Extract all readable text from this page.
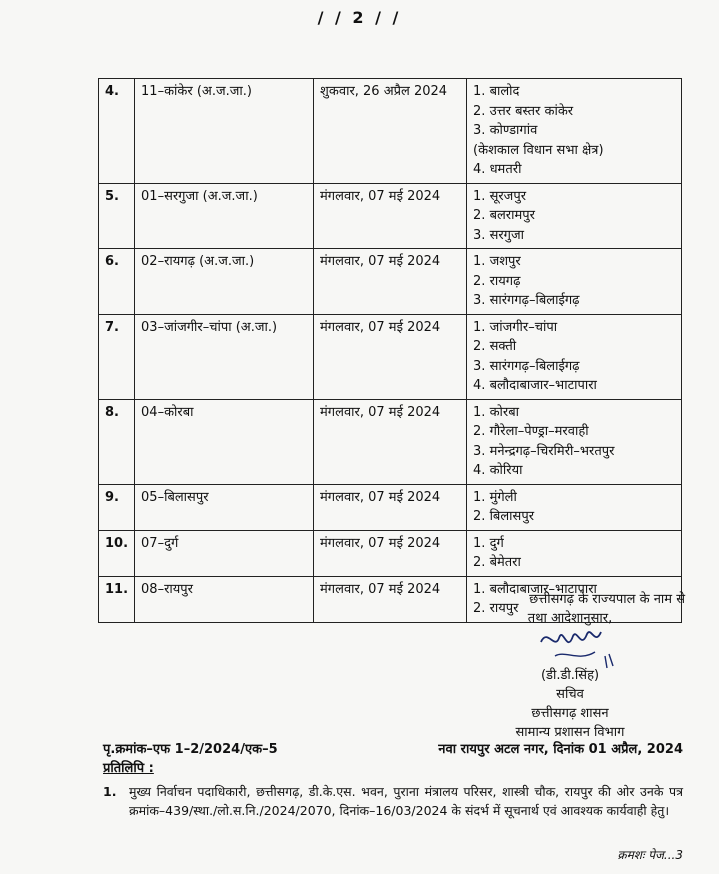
/ / 2 / /
4.	11–कांकेर (अ.ज.जा.)	शुकवार, 26 अप्रैल 2024	1. बालोद
2. उत्तर बस्तर कांकेर
3. कोण्डागांव
(केशकाल विधान सभा क्षेत्र)
4. धमतरी

5.	01–सरगुजा (अ.ज.जा.)	मंगलवार, 07 मई 2024	1. सूरजपुर
2. बलरामपुर
3. सरगुजा

6.	02–रायगढ़ (अ.ज.जा.)	मंगलवार, 07 मई 2024	1. जशपुर
2. रायगढ़
3. सारंगगढ़–बिलाईगढ़

7.	03–जांजगीर–चांपा (अ.जा.)	मंगलवार, 07 मई 2024	1. जांजगीर–चांपा
2. सक्ती
3. सारंगगढ़–बिलाईगढ़
4. बलौदाबाजार–भाटापारा

8.	04–कोरबा	मंगलवार, 07 मई 2024	1. कोरबा
2. गौरेला–पेण्ड्रा–मरवाही
3. मनेन्द्रगढ़–चिरमिरी–भरतपुर
4. कोरिया

9.	05–बिलासपुर	मंगलवार, 07 मई 2024	1. मुंगेली
2. बिलासपुर

10.	07–दुर्ग	मंगलवार, 07 मई 2024	1. दुर्ग
2. बेमेतरा

11.	08–रायपुर	मंगलवार, 07 मई 2024	1. बलौदाबाजार–भाटापारा
2. रायपुर
छत्तीसगढ़ के राज्यपाल के नाम से
तथा आदेशानुसार,
(डी.डी.सिंह)
सचिव
छत्तीसगढ़ शासन
सामान्य प्रशासन विभाग
पृ.क्रमांक–एफ 1–2/2024/एक–5	नवा रायपुर अटल नगर, दिनांक 01 अप्रैल, 2024
प्रतिलिपि :
1. मुख्य निर्वाचन पदाधिकारी, छत्तीसगढ़, डी.के.एस. भवन, पुराना मंत्रालय परिसर, शास्त्री चौक, रायपुर की ओर उनके पत्र क्रमांक–439/स्था./लो.स.नि./2024/2070, दिनांक–16/03/2024 के संदर्भ में सूचनार्थ एवं आवश्यक कार्यवाही हेतु।
क्रमशः पेज...3
